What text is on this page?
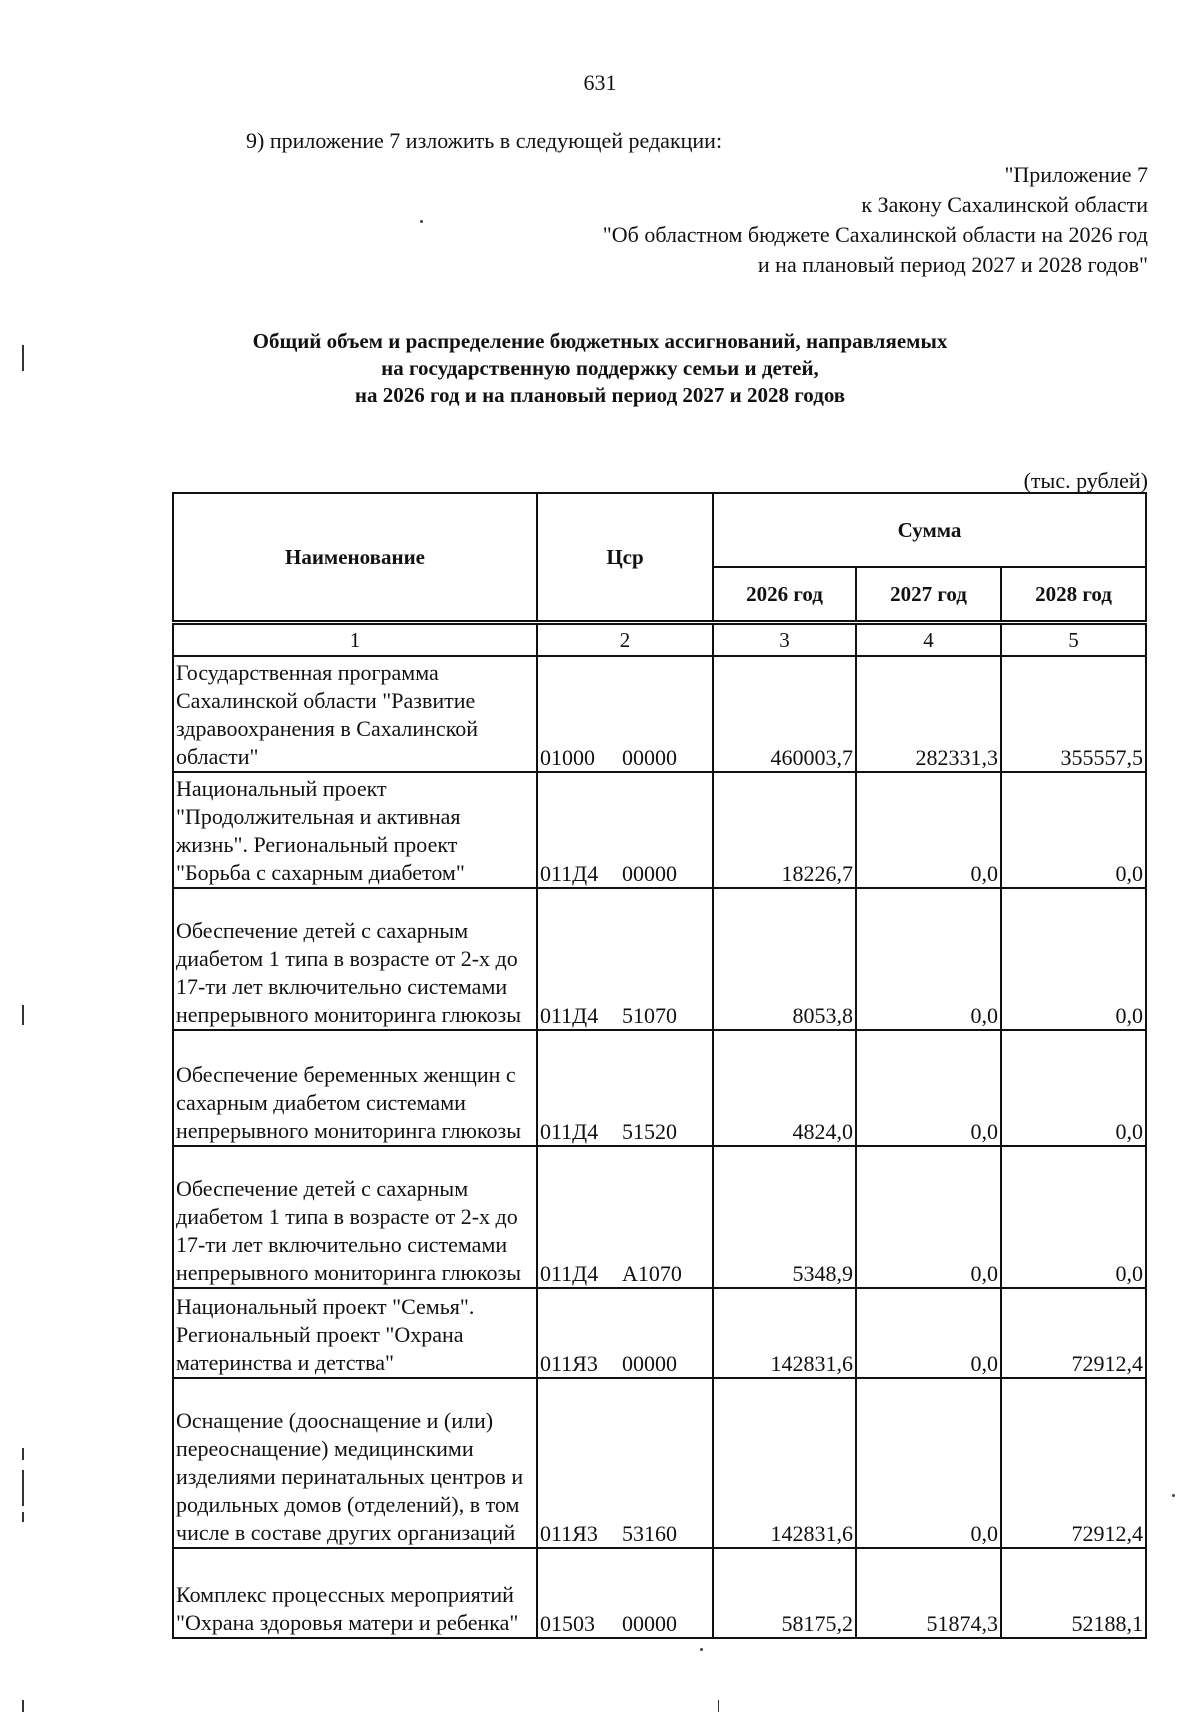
631
9) приложение 7 изложить в следующей редакции:
"Приложение 7
к Закону Сахалинской области
"Об областном бюджете Сахалинской области на 2026 год
и на плановый период 2027 и 2028 годов"
Общий объем и распределение бюджетных ассигнований, направляемых
на государственную поддержку семьи и детей,
на 2026 год и на плановый период 2027 и 2028 годов
(тыс. рублей)
Наименование	Цср	Сумма		
		2026 год	2027 год	2028 год
1	2	3	4	5
Государственная программа Сахалинской области "Развитие здравоохранения в Сахалинской области"	01000 00000	460003,7	282331,3	355557,5
Национальный проект "Продолжительная и активная жизнь". Региональный проект "Борьба с сахарным диабетом"	011Д4 00000	18226,7	0,0	0,0
Обеспечение детей с сахарным диабетом 1 типа в возрасте от 2-х до 17-ти лет включительно системами непрерывного мониторинга глюкозы	011Д4 51070	8053,8	0,0	0,0
Обеспечение беременных женщин с сахарным диабетом системами непрерывного мониторинга глюкозы	011Д4 51520	4824,0	0,0	0,0
Обеспечение детей с сахарным диабетом 1 типа в возрасте от 2-х до 17-ти лет включительно системами непрерывного мониторинга глюкозы	011Д4 А1070	5348,9	0,0	0,0
Национальный проект "Семья". Региональный проект "Охрана материнства и детства"	011Я3 00000	142831,6	0,0	72912,4
Оснащение (дооснащение и (или) переоснащение) медицинскими изделиями перинатальных центров и родильных домов (отделений), в том числе в составе других организаций	011Я3 53160	142831,6	0,0	72912,4
Комплекс процессных мероприятий "Охрана здоровья матери и ребенка"	01503 00000	58175,2	51874,3	52188,1
